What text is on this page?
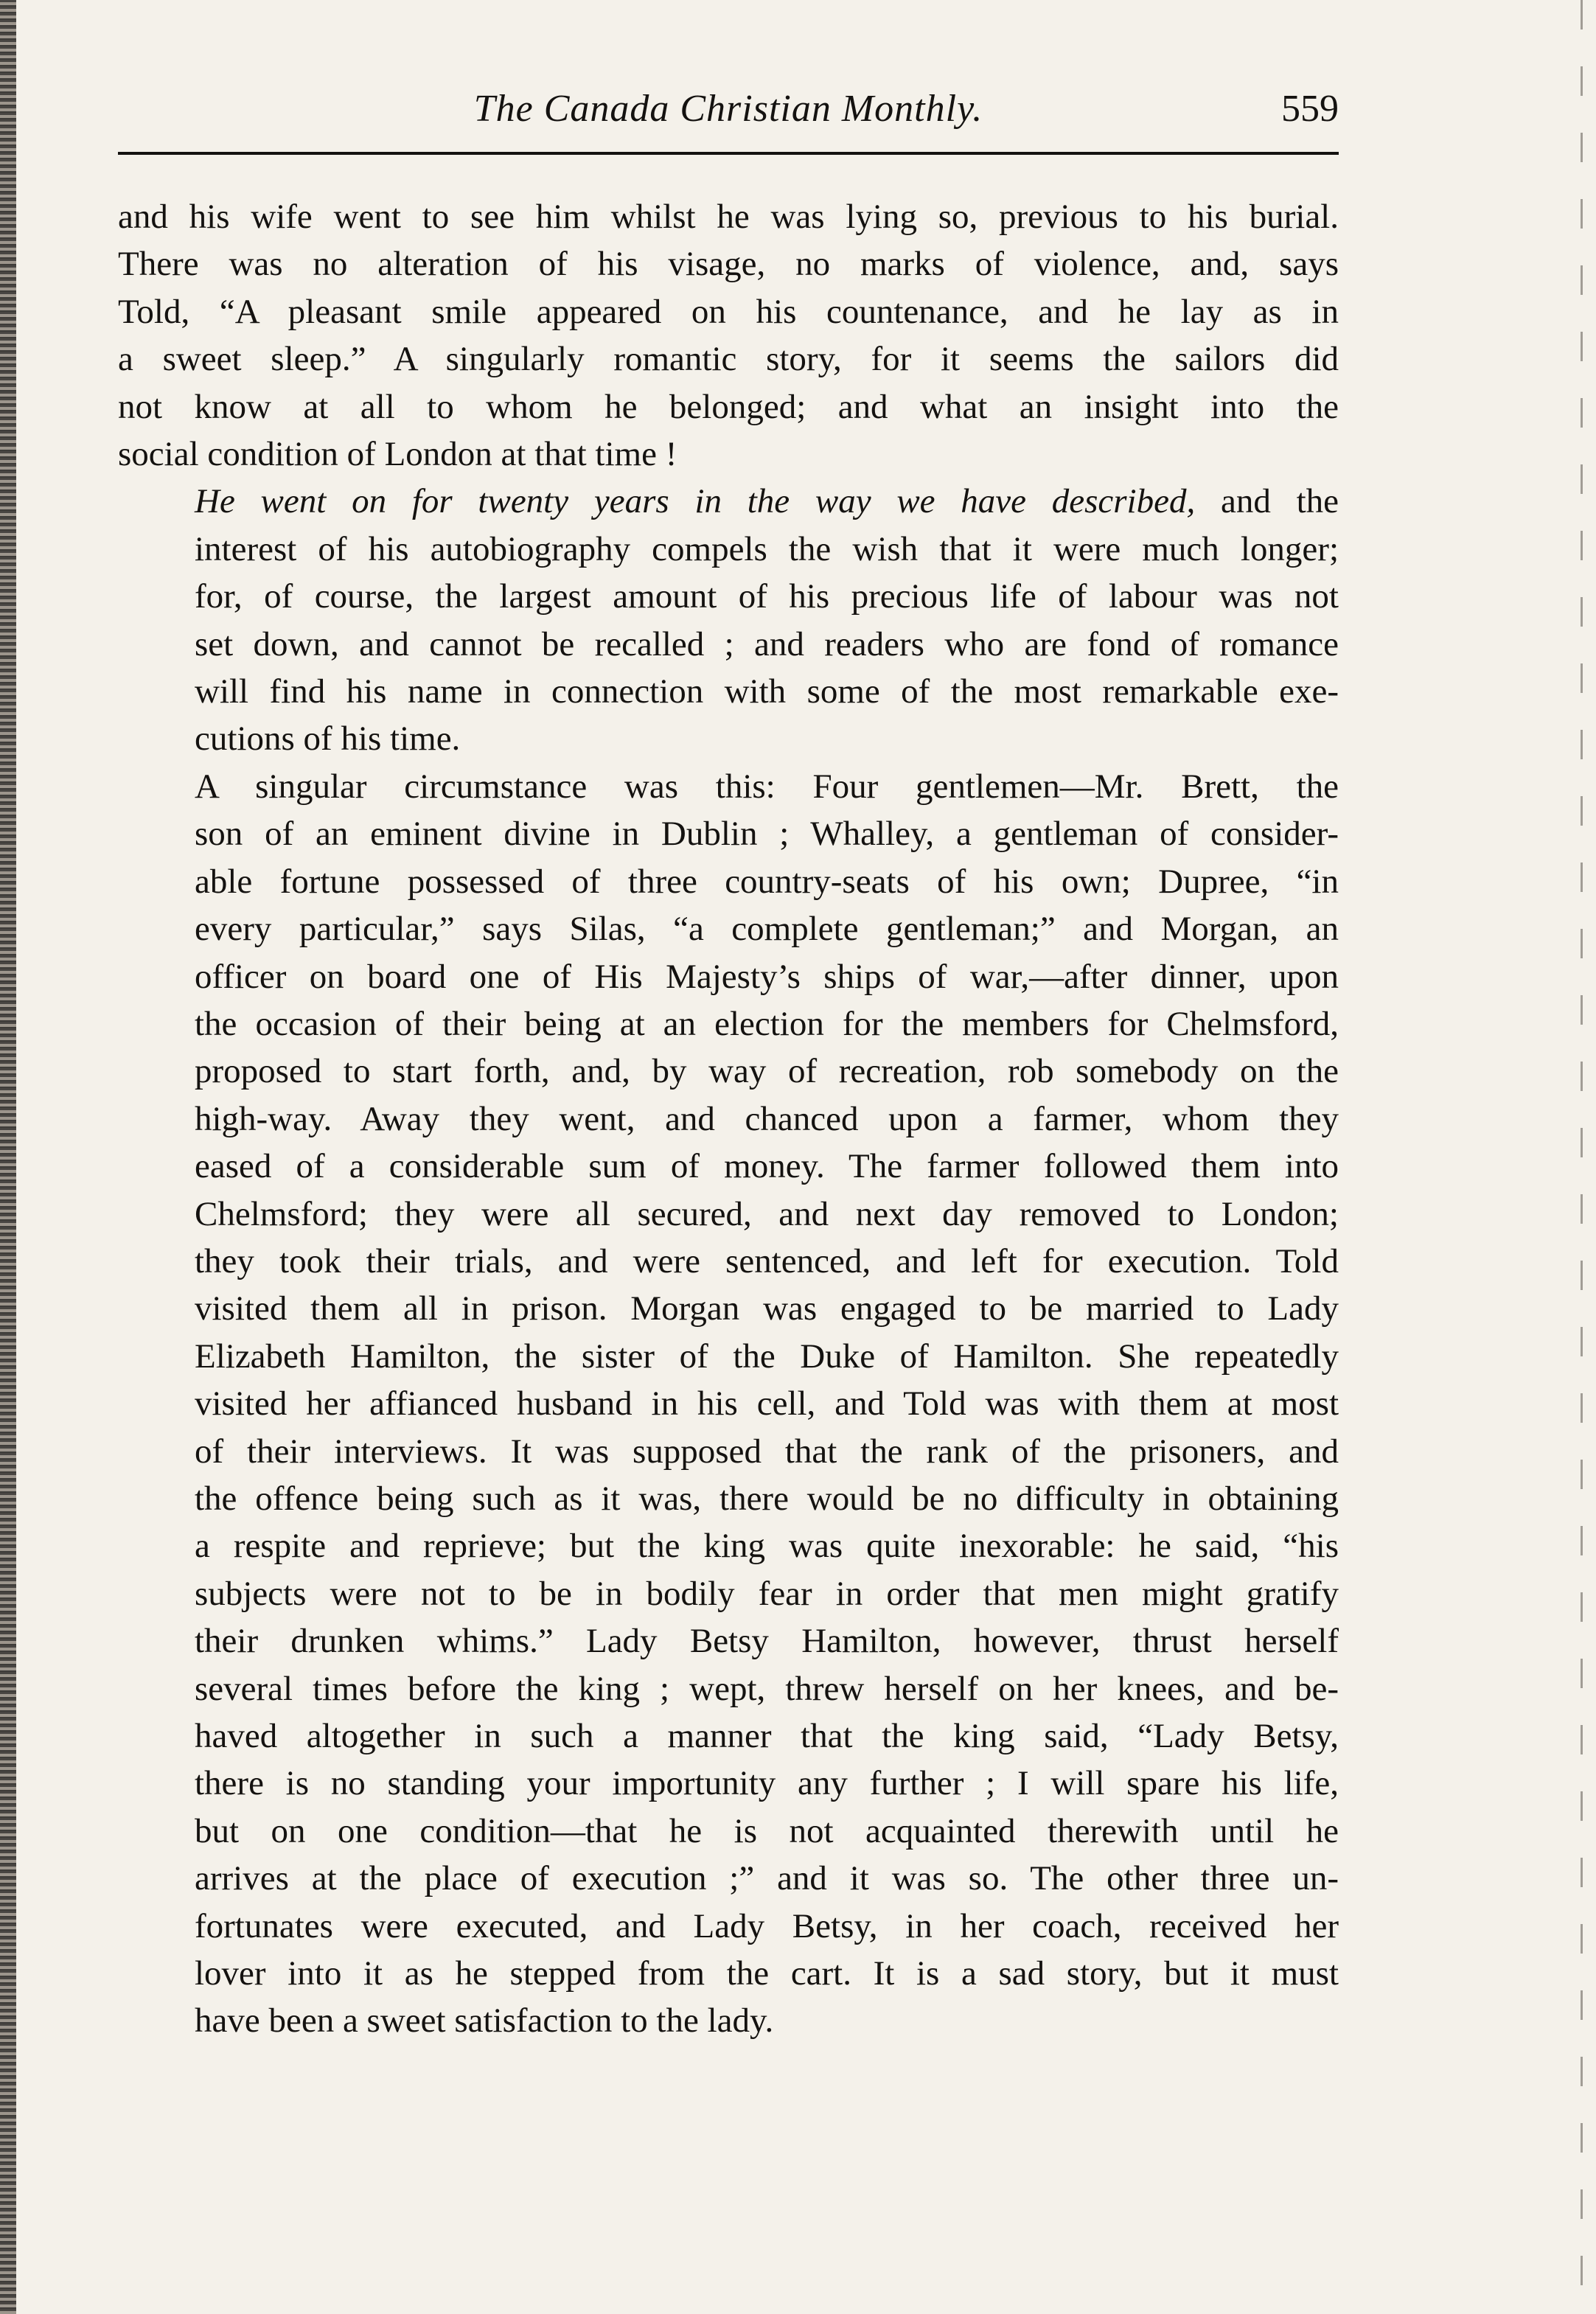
The Canada Christian Monthly.	559

and his wife went to see him whilst he was lying so, previous to his burial.
There was no alteration of his visage, no marks of violence, and, says
Told, “A pleasant smile appeared on his countenance, and he lay as in
a sweet sleep.” A singularly romantic story, for it seems the sailors did
not know at all to whom he belonged; and what an insight into the
social condition of London at that time !

He went on for twenty years in the way we have described, and the
interest of his autobiography compels the wish that it were much longer;
for, of course, the largest amount of his precious life of labour was not
set down, and cannot be recalled ; and readers who are fond of romance
will find his name in connection with some of the most remarkable exe-
cutions of his time.

A singular circumstance was this: Four gentlemen—Mr. Brett, the
son of an eminent divine in Dublin ; Whalley, a gentleman of consider-
able fortune possessed of three country-seats of his own; Dupree, “in
every particular,” says Silas, “a complete gentleman;” and Morgan, an
officer on board one of His Majesty’s ships of war,—after dinner, upon
the occasion of their being at an election for the members for Chelmsford,
proposed to start forth, and, by way of recreation, rob somebody on the
high-way. Away they went, and chanced upon a farmer, whom they
eased of a considerable sum of money. The farmer followed them into
Chelmsford; they were all secured, and next day removed to London;
they took their trials, and were sentenced, and left for execution. Told
visited them all in prison. Morgan was engaged to be married to Lady
Elizabeth Hamilton, the sister of the Duke of Hamilton. She repeatedly
visited her affianced husband in his cell, and Told was with them at most
of their interviews. It was supposed that the rank of the prisoners, and
the offence being such as it was, there would be no difficulty in obtaining
a respite and reprieve; but the king was quite inexorable: he said, “his
subjects were not to be in bodily fear in order that men might gratify
their drunken whims.” Lady Betsy Hamilton, however, thrust herself
several times before the king ; wept, threw herself on her knees, and be-
haved altogether in such a manner that the king said, “Lady Betsy,
there is no standing your importunity any further ; I will spare his life,
but on one condition—that he is not acquainted therewith until he
arrives at the place of execution ;” and it was so. The other three un-
fortunates were executed, and Lady Betsy, in her coach, received her
lover into it as he stepped from the cart. It is a sad story, but it must
have been a sweet satisfaction to the lady.
